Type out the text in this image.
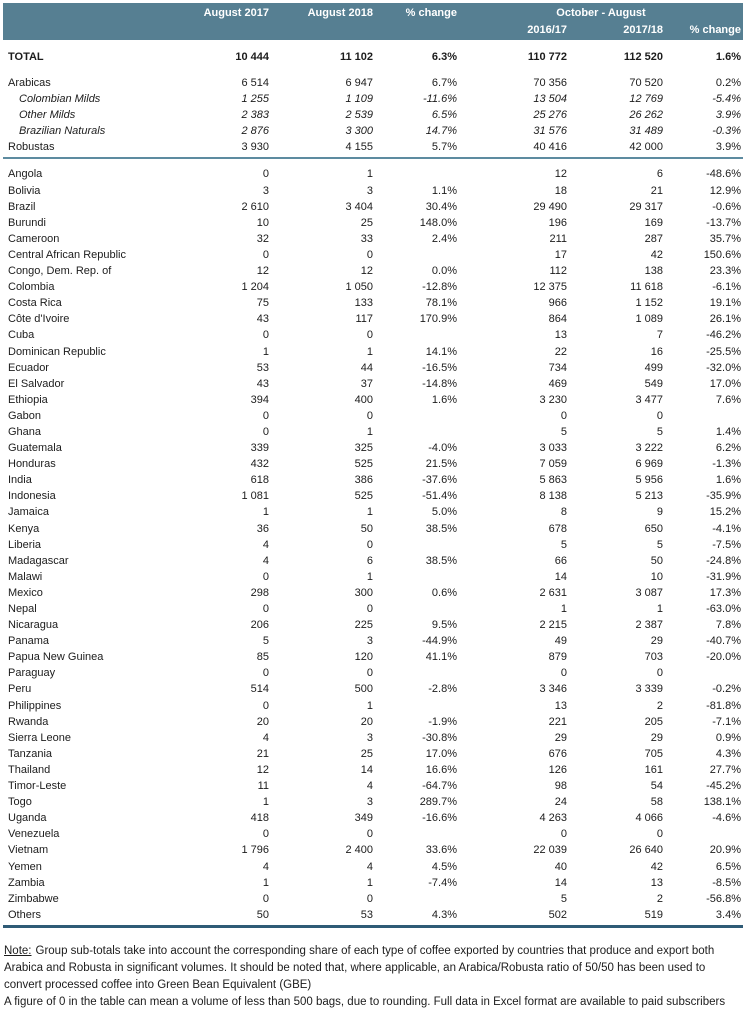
August 2017	August 2018	% change	October - August
2016/17	2017/18	% change
TOTAL	10 444	11 102	6.3%	110 772	112 520	1.6%
Arabicas	6 514	6 947	6.7%	70 356	70 520	0.2%
Colombian Milds	1 255	1 109	-11.6%	13 504	12 769	-5.4%
Other Milds	2 383	2 539	6.5%	25 276	26 262	3.9%
Brazilian Naturals	2 876	3 300	14.7%	31 576	31 489	-0.3%
Robustas	3 930	4 155	5.7%	40 416	42 000	3.9%
Angola	0	1	12	6	-48.6%
Bolivia	3	3	1.1%	18	21	12.9%
Brazil	2 610	3 404	30.4%	29 490	29 317	-0.6%
Burundi	10	25	148.0%	196	169	-13.7%
Cameroon	32	33	2.4%	211	287	35.7%
Central African Republic	0	0	17	42	150.6%
Congo, Dem. Rep. of	12	12	0.0%	112	138	23.3%
Colombia	1 204	1 050	-12.8%	12 375	11 618	-6.1%
Costa Rica	75	133	78.1%	966	1 152	19.1%
Côte d'Ivoire	43	117	170.9%	864	1 089	26.1%
Cuba	0	0	13	7	-46.2%
Dominican Republic	1	1	14.1%	22	16	-25.5%
Ecuador	53	44	-16.5%	734	499	-32.0%
El Salvador	43	37	-14.8%	469	549	17.0%
Ethiopia	394	400	1.6%	3 230	3 477	7.6%
Gabon	0	0	0	0
Ghana	0	1	5	5	1.4%
Guatemala	339	325	-4.0%	3 033	3 222	6.2%
Honduras	432	525	21.5%	7 059	6 969	-1.3%
India	618	386	-37.6%	5 863	5 956	1.6%
Indonesia	1 081	525	-51.4%	8 138	5 213	-35.9%
Jamaica	1	1	5.0%	8	9	15.2%
Kenya	36	50	38.5%	678	650	-4.1%
Liberia	4	0	5	5	-7.5%
Madagascar	4	6	38.5%	66	50	-24.8%
Malawi	0	1	14	10	-31.9%
Mexico	298	300	0.6%	2 631	3 087	17.3%
Nepal	0	0	1	1	-63.0%
Nicaragua	206	225	9.5%	2 215	2 387	7.8%
Panama	5	3	-44.9%	49	29	-40.7%
Papua New Guinea	85	120	41.1%	879	703	-20.0%
Paraguay	0	0	0	0
Peru	514	500	-2.8%	3 346	3 339	-0.2%
Philippines	0	1	13	2	-81.8%
Rwanda	20	20	-1.9%	221	205	-7.1%
Sierra Leone	4	3	-30.8%	29	29	0.9%
Tanzania	21	25	17.0%	676	705	4.3%
Thailand	12	14	16.6%	126	161	27.7%
Timor-Leste	11	4	-64.7%	98	54	-45.2%
Togo	1	3	289.7%	24	58	138.1%
Uganda	418	349	-16.6%	4 263	4 066	-4.6%
Venezuela	0	0	0	0
Vietnam	1 796	2 400	33.6%	22 039	26 640	20.9%
Yemen	4	4	4.5%	40	42	6.5%
Zambia	1	1	-7.4%	14	13	-8.5%
Zimbabwe	0	0	5	2	-56.8%
Others	50	53	4.3%	502	519	3.4%

Note: Group sub-totals take into account the corresponding share of each type of coffee exported by countries that produce and export both Arabica and Robusta in significant volumes. It should be noted that, where applicable, an Arabica/Robusta ratio of 50/50 has been used to convert processed coffee into Green Bean Equivalent (GBE)

A figure of 0 in the table can mean a volume of less than 500 bags, due to rounding. Full data in Excel format are available to paid subscribers
